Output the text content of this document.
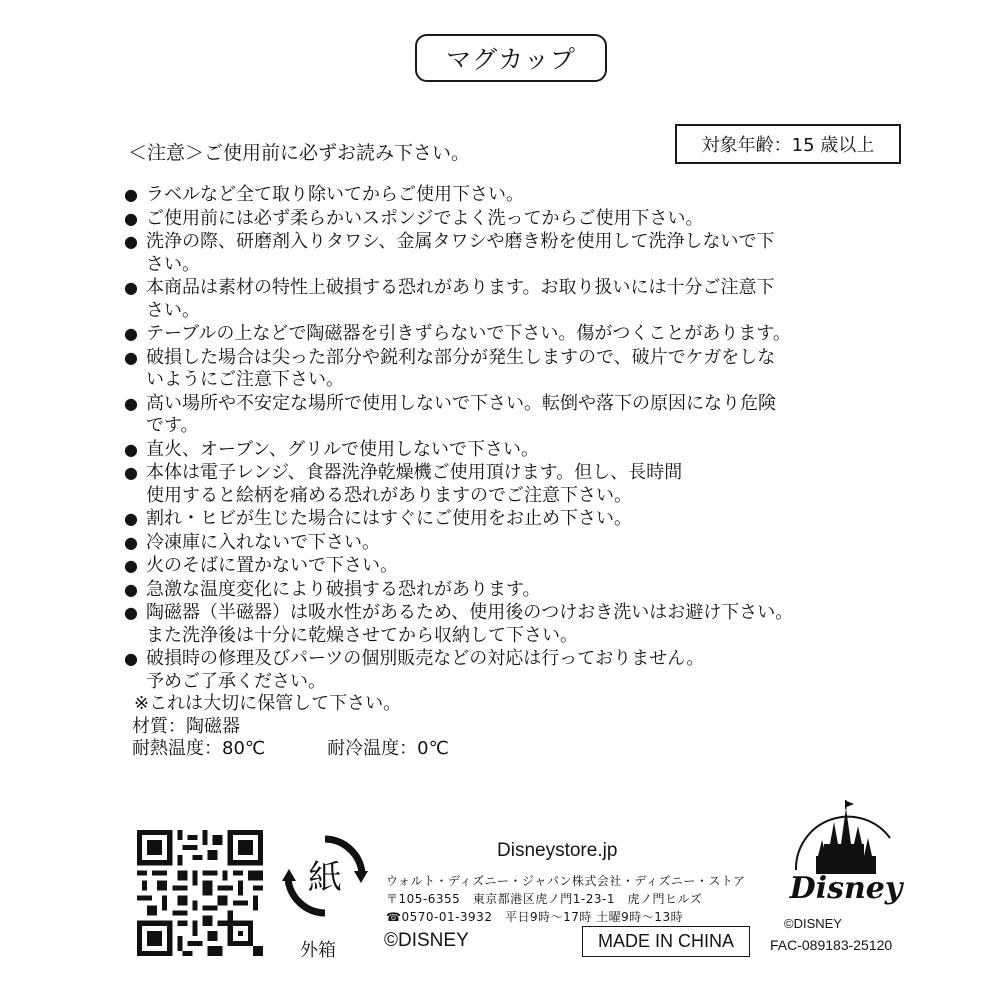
マグカップ
＜注意＞ご使用前に必ずお読み下さい。	対象年齢：15 歳以上
● ラベルなど全て取り除いてからご使用下さい。
● ご使用前には必ず柔らかいスポンジでよく洗ってからご使用下さい。
● 洗浄の際、研磨剤入りタワシ、金属タワシや磨き粉を使用して洗浄しないで下
さい。
● 本商品は素材の特性上破損する恐れがあります。お取り扱いには十分ご注意下
さい。
● テーブルの上などで陶磁器を引きずらないで下さい。傷がつくことがあります。
● 破損した場合は尖った部分や鋭利な部分が発生しますので、破片でケガをしな
いようにご注意下さい。
● 高い場所や不安定な場所で使用しないで下さい。転倒や落下の原因になり危険
です。
● 直火、オーブン、グリルで使用しないで下さい。
● 本体は電子レンジ、食器洗浄乾燥機ご使用頂けます。但し、長時間
使用すると絵柄を痛める恐れがありますのでご注意下さい。
● 割れ・ヒビが生じた場合にはすぐにご使用をお止め下さい。
● 冷凍庫に入れないで下さい。
● 火のそばに置かないで下さい。
● 急激な温度変化により破損する恐れがあります。
● 陶磁器（半磁器）は吸水性があるため、使用後のつけおき洗いはお避け下さい。
また洗浄後は十分に乾燥させてから収納して下さい。
● 破損時の修理及びパーツの個別販売などの対応は行っておりません。
予めご了承ください。
※これは大切に保管して下さい。
材質：陶磁器
耐熱温度：80℃	耐冷温度：0℃
紙
外箱
Disneystore.jp
ウォルト・ディズニー・ジャパン株式会社・ディズニー・ストア
〒105-6355　東京都港区虎ノ門1-23-1　虎ノ門ヒルズ
☎0570-01-3932　平日9時〜17時 土曜9時〜13時
©DISNEY	MADE IN CHINA
Disney
©DISNEY
FAC-089183-25120
